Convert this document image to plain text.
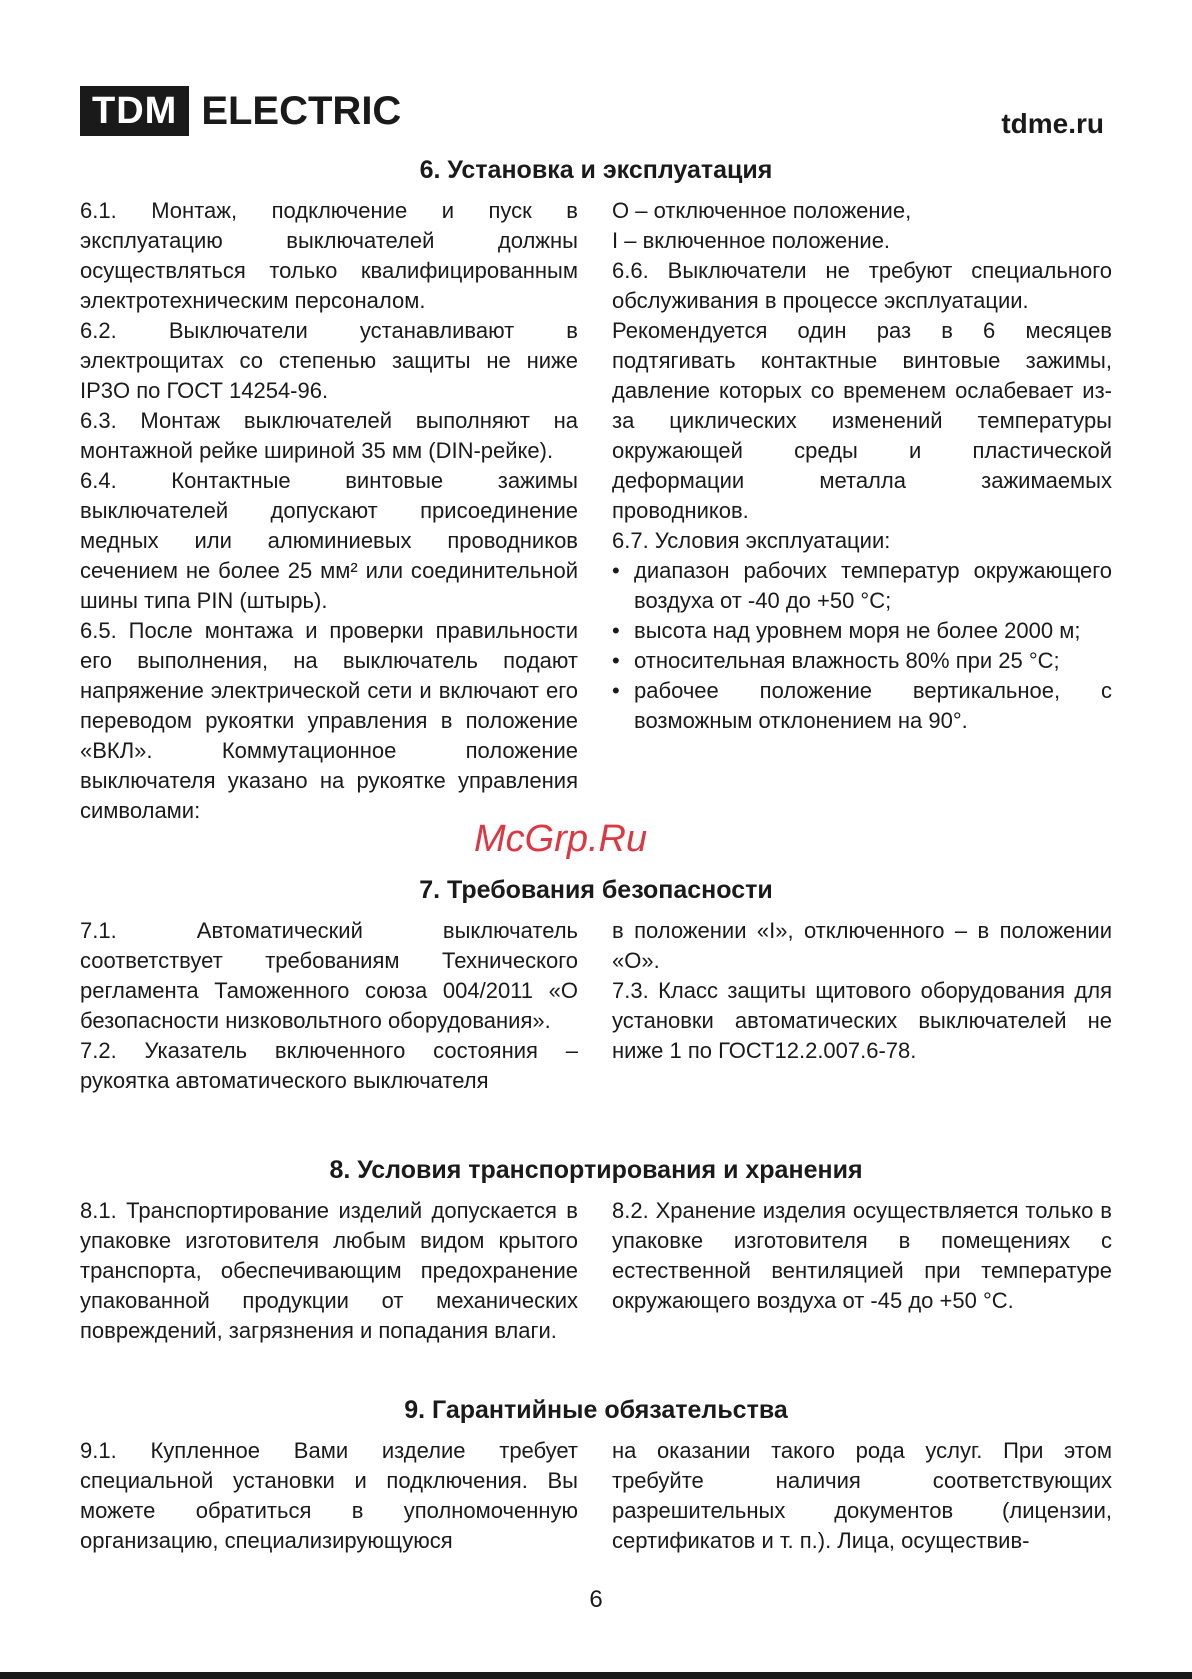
TDM ELECTRIC	tdme.ru
6. Установка и эксплуатация

6.1. Монтаж, подключение и пуск в эксплуатацию выключателей должны осуществляться только квалифицированным электротехническим персоналом.

6.2. Выключатели устанавливают в электрощитах со степенью защиты не ниже IP3О по ГОСТ 14254-96.

6.3. Монтаж выключателей выполняют на монтажной рейке шириной 35 мм (DIN-рейке).

6.4. Контактные винтовые зажимы выключателей допускают присоединение медных или алюминиевых проводников сечением не более 25 мм² или соединительной шины типа PIN (штырь).

6.5. После монтажа и проверки правильности его выполнения, на выключатель подают напряжение электрической сети и включают его переводом рукоятки управления в положение «ВКЛ». Коммутационное положение выключателя указано на рукоятке управления символами:

О – отключенное положение,

I – включенное положение.

6.6. Выключатели не требуют специального обслуживания в процессе эксплуатации.

Рекомендуется один раз в 6 месяцев подтягивать контактные винтовые зажимы, давление которых со временем ослабевает из-за циклических изменений температуры окружающей среды и пластической деформации металла зажимаемых проводников.

6.7. Условия эксплуатации:

• диапазон рабочих температур окружающего воздуха от -40 до +50 °С;
• высота над уровнем моря не более 2000 м;
• относительная влажность 80% при 25 °С;
• рабочее положение вертикальное, с возможным отклонением на 90°.
McGrp.Ru
7. Требования безопасности

7.1. Автоматический выключатель соответствует требованиям Технического регламента Таможенного союза 004/2011 «О безопасности низковольтного оборудования».

7.2. Указатель включенного состояния – рукоятка автоматического выключателя

в положении «I», отключенного – в положении «О».

7.3. Класс защиты щитового оборудования для установки автоматических выключателей не ниже 1 по ГОСТ12.2.007.6-78.

8. Условия транспортирования и хранения

8.1. Транспортирование изделий допускается в упаковке изготовителя любым видом крытого транспорта, обеспечивающим предохранение упакованной продукции от механических повреждений, загрязнения и попадания влаги.

8.2. Хранение изделия осуществляется только в упаковке изготовителя в помещениях с естественной вентиляцией при температуре окружающего воздуха от -45 до +50 °С.

9. Гарантийные обязательства

9.1. Купленное Вами изделие требует специальной установки и подключения. Вы можете обратиться в уполномоченную организацию, специализирующуюся

на оказании такого рода услуг. При этом требуйте наличия соответствующих разрешительных документов (лицензии, сертификатов и т. п.). Лица, осуществив-

6
